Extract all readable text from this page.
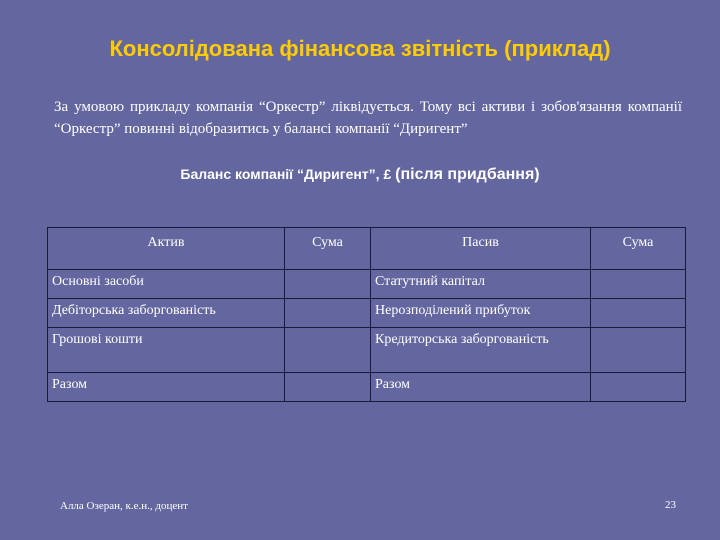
Консолідована фінансова звітність (приклад)

За умовою прикладу компанія “Оркестр” ліквідується. Тому всі активи і зобов'язання компанії “Оркестр” повинні відобразитись у балансі компанії “Диригент”

Баланс компанії “Диригент”, £ (після придбання)

Актив	Сума	Пасив	Сума
Основні засоби		Статутний капітал	
Дебіторська заборгованість		Нерозподілений прибуток	
Грошові кошти		Кредиторська заборгованість	
Разом		Разом	
Алла Озеран, к.е.н., доцент	23
